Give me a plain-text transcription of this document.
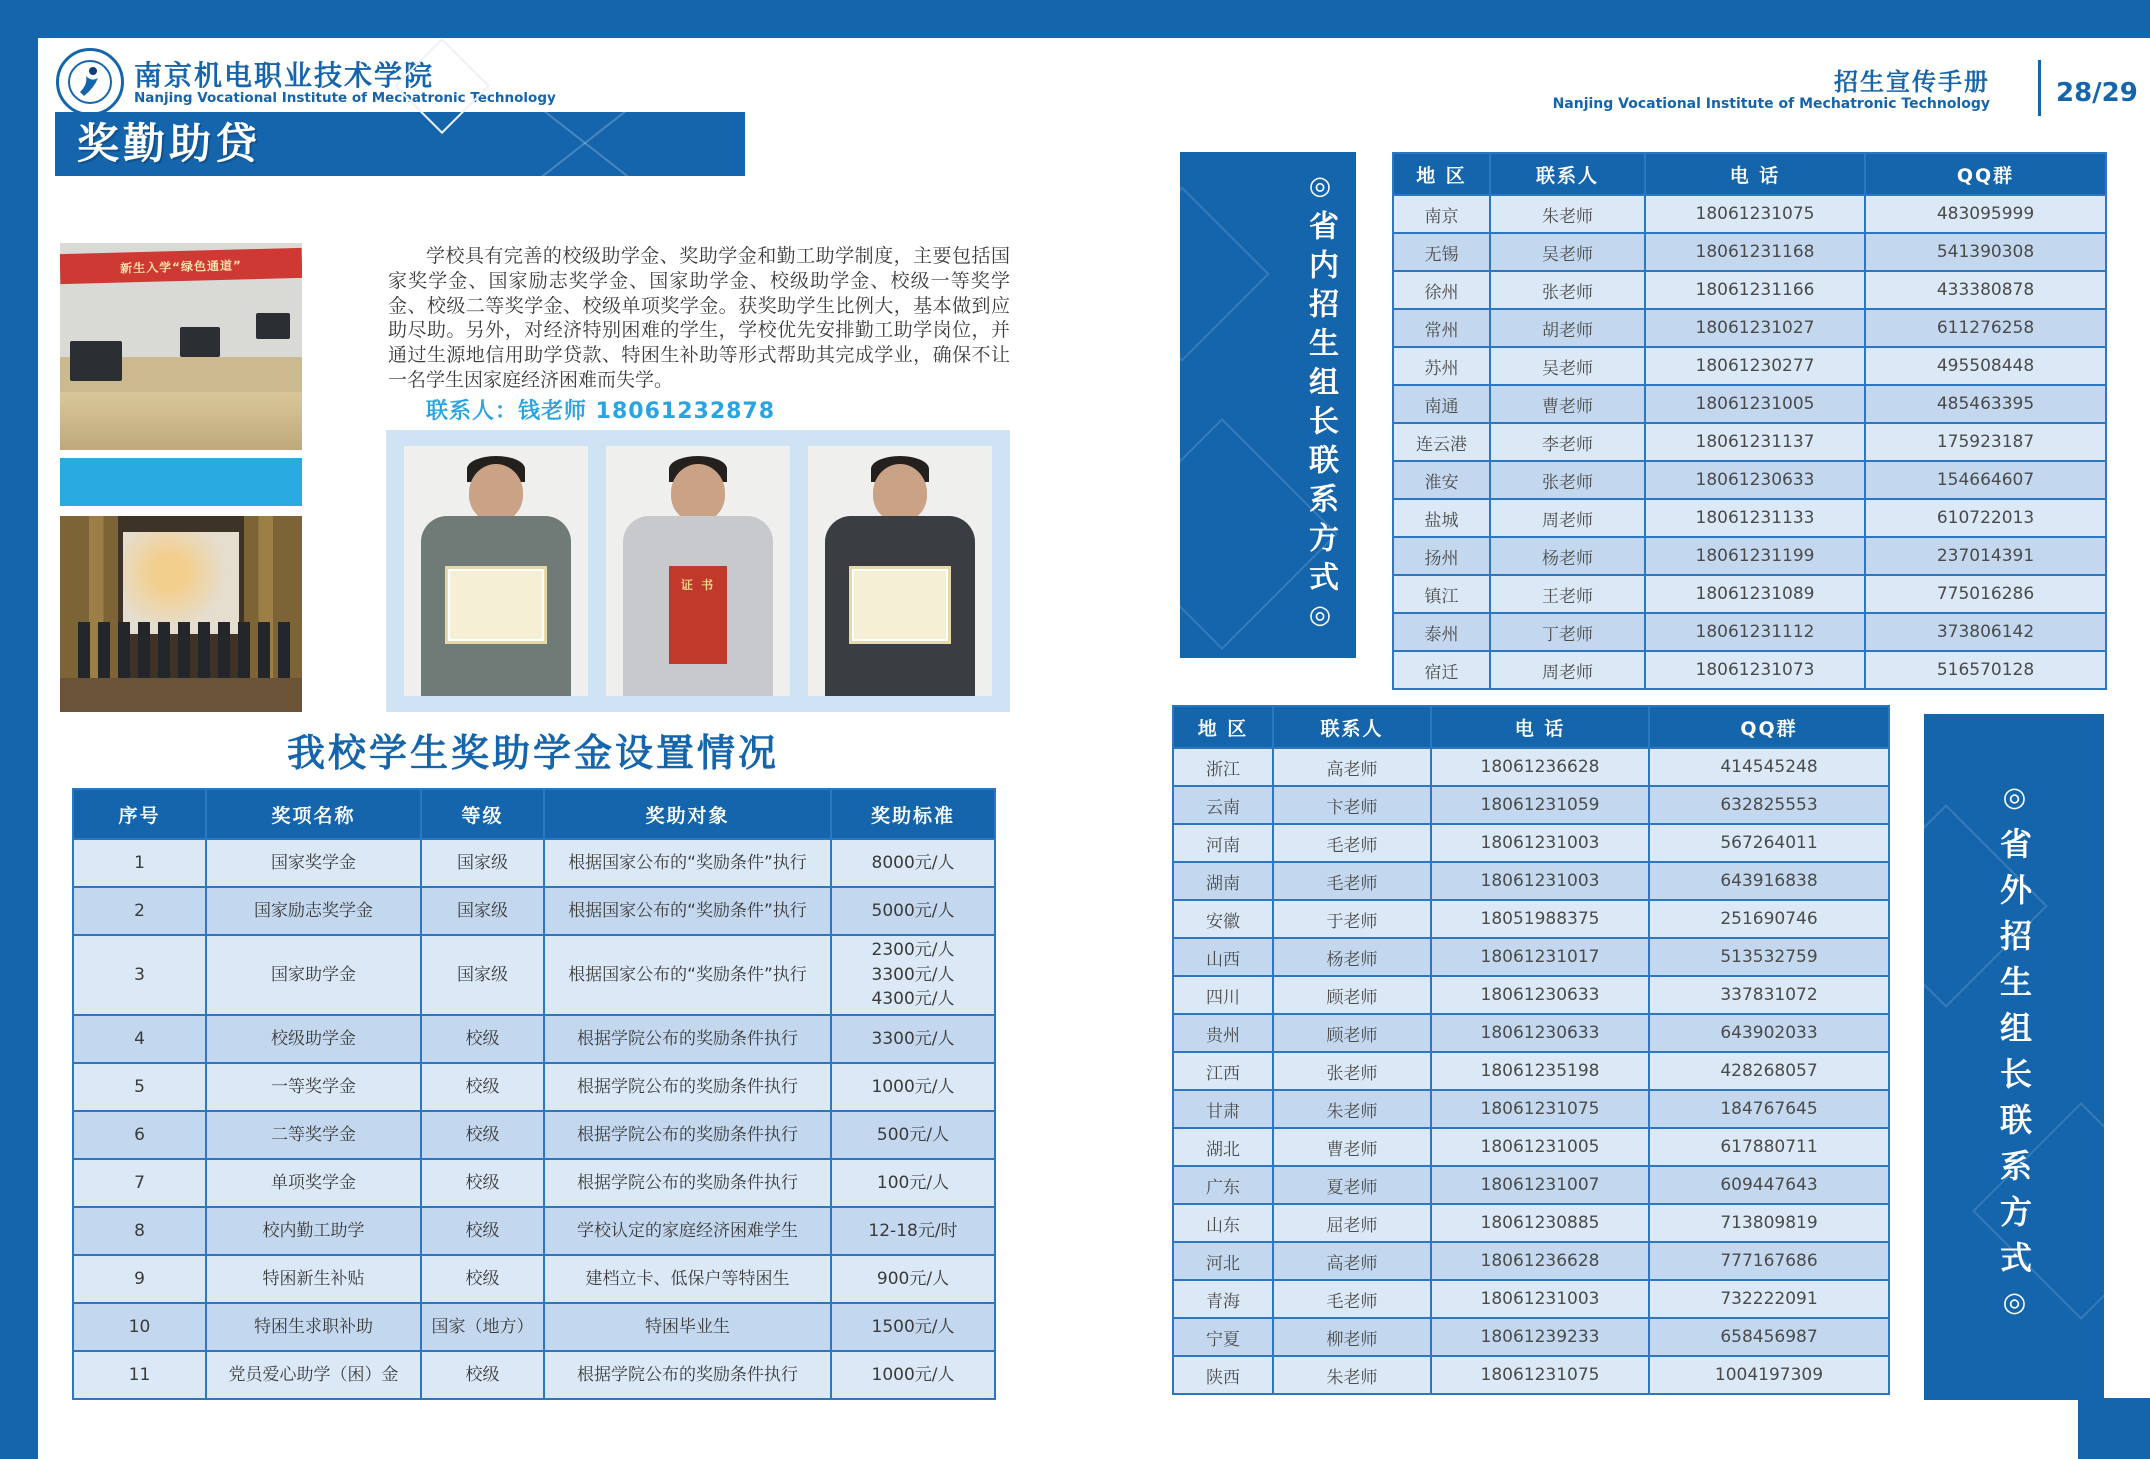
南京机电职业技术学院
Nanjing Vocational Institute of Mechatronic Technology
招生宣传手册
Nanjing Vocational Institute of Mechatronic Technology	28/29
奖勤助贷
新生入学“绿色通道”	学校具有完善的校级助学金、奖助学金和勤工助学制度，主要包括国家奖学金、国家励志奖学金、国家助学金、校级助学金、校级一等奖学金、校级二等奖学金、校级单项奖学金。获奖助学生比例大，基本做到应助尽助。另外，对经济特别困难的学生，学校优先安排勤工助学岗位，并通过生源地信用助学贷款、特困生补助等形式帮助其完成学业，确保不让一名学生因家庭经济困难而失学。
联系人：钱老师 18061232878
证 书
我校学生奖助学金设置情况
序号	奖项名称	等级	奖助对象	奖助标准
1	国家奖学金	国家级	根据国家公布的“奖励条件”执行	8000元/人

2	国家励志奖学金	国家级	根据国家公布的“奖励条件”执行	5000元/人

3	国家助学金	国家级	根据国家公布的“奖励条件”执行	2300元/人
3300元/人
4300元/人

4	校级助学金	校级	根据学院公布的奖励条件执行	3300元/人

5	一等奖学金	校级	根据学院公布的奖励条件执行	1000元/人

6	二等奖学金	校级	根据学院公布的奖励条件执行	500元/人

7	单项奖学金	校级	根据学院公布的奖励条件执行	100元/人

8	校内勤工助学	校级	学校认定的家庭经济困难学生	12-18元/时

9	特困新生补贴	校级	建档立卡、低保户等特困生	900元/人

10	特困生求职补助	国家（地方）	特困毕业生	1500元/人

11	党员爱心助学（困）金	校级	根据学院公布的奖励条件执行	1000元/人
◎省内招生组长联系方式◎
地 区	联系人	电 话	QQ群
南京	朱老师	18061231075	483095999
无锡	吴老师	18061231168	541390308
徐州	张老师	18061231166	433380878
常州	胡老师	18061231027	611276258
苏州	吴老师	18061230277	495508448
南通	曹老师	18061231005	485463395
连云港	李老师	18061231137	175923187
淮安	张老师	18061230633	154664607
盐城	周老师	18061231133	610722013
扬州	杨老师	18061231199	237014391
镇江	王老师	18061231089	775016286
泰州	丁老师	18061231112	373806142
宿迁	周老师	18061231073	516570128
地 区	联系人	电 话	QQ群
浙江	高老师	18061236628	414545248
云南	卞老师	18061231059	632825553
河南	毛老师	18061231003	567264011
湖南	毛老师	18061231003	643916838
安徽	于老师	18051988375	251690746
山西	杨老师	18061231017	513532759
四川	顾老师	18061230633	337831072
贵州	顾老师	18061230633	643902033
江西	张老师	18061235198	428268057
甘肃	朱老师	18061231075	184767645
湖北	曹老师	18061231005	617880711
广东	夏老师	18061231007	609447643
山东	屈老师	18061230885	713809819
河北	高老师	18061236628	777167686
青海	毛老师	18061231003	732222091
宁夏	柳老师	18061239233	658456987
陕西	朱老师	18061231075	1004197309
◎省外招生组长联系方式◎
